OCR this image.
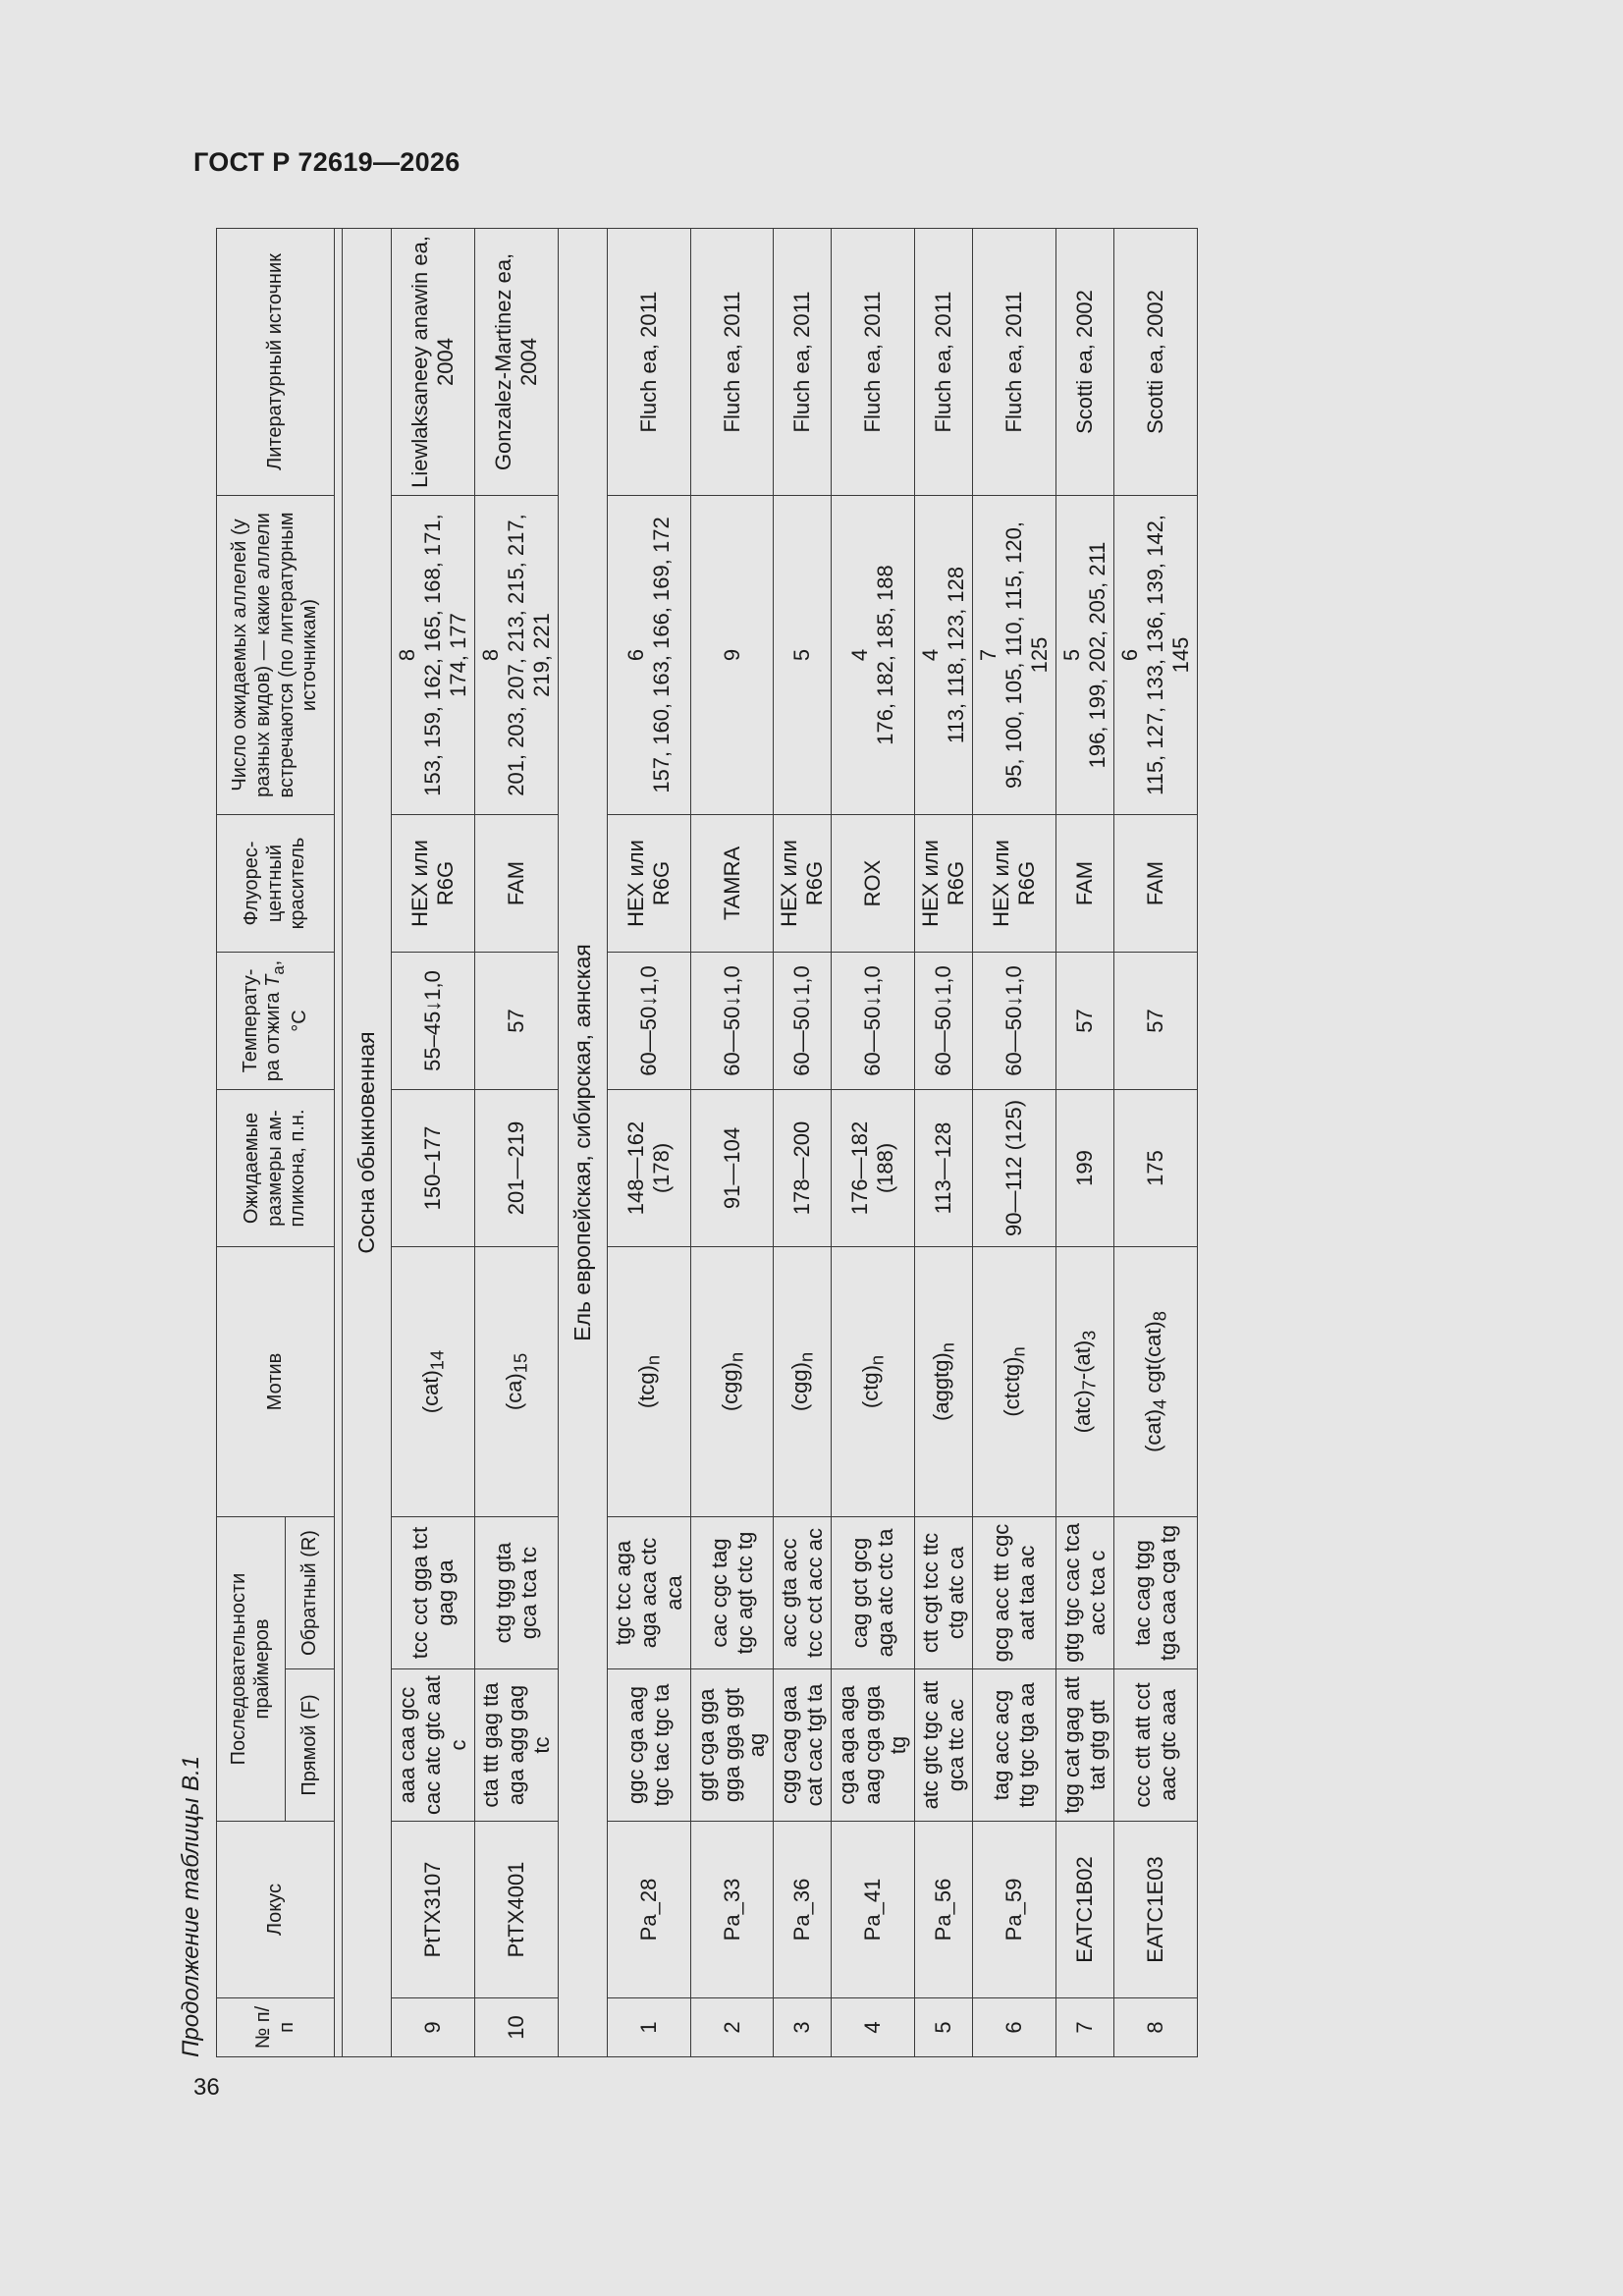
ГОСТ Р 72619—2026
Продолжение таблицы В.1	№ п/п	Локус	Последовательности праймеров		Мотив	Ожидаемые размеры ам-пликона, п.н.	Температу-ра отжига $T_a$, °C	Флуорес-центный краситель	Число ожидаемых аллелей (у разных видов) — какие аллели встречаются (по литературным источникам)	Литературный источник
		Прямой (F)	Обратный (R)						

Сосна обыкновенная									
9	PtTX3107	aaa caa gcc cac atc gtc aat c	tcc cct gga tct gag ga	$(cat)_{14}$	150–177	55–45↓1,0	HEX или R6G	8 153, 159, 162, 165, 168, 171, 174, 177	Liewlaksaneey anawin ea, 2004
10	PtTX4001	cta ttt gag tta aga agg gag tc	ctg tgg gta gca tca tc	$(ca)_{15}$	201—219	57	FAM	8 201, 203, 207, 213, 215, 217, 219, 221	Gonzalez-Martinez ea, 2004
Ель европейская, сибирская, аянская									
1	Pa_28	ggc cga aag tgc tac tgc ta	tgc tcc aga aga aca ctc aca	$(tcg)_n$	148—162 (178)	60—50↓1,0	HEX или R6G	6 157, 160, 163, 166, 169, 172	Fluch ea, 2011
2	Pa_33	ggt cga gga gga gga ggt ag	cac cgc tag tgc agt ctc tg	$(cgg)_n$	91—104	60—50↓1,0	TAMRA	9	Fluch ea, 2011
3	Pa_36	cgg cag gaa cat cac tgt ta	acc gta acc tcc cct acc ac	$(cgg)_n$	178—200	60—50↓1,0	HEX или R6G	5	Fluch ea, 2011
4	Pa_41	cga aga aga aag cga gga tg	cag gct gcg aga atc ctc ta	$(ctg)_n$	176—182 (188)	60—50↓1,0	ROX	4 176, 182, 185, 188	Fluch ea, 2011
5	Pa_56	atc gtc tgc att gca ttc ac	ctt cgt tcc ttc ctg atc ca	$(aggtg)_n$	113—128	60—50↓1,0	HEX или R6G	4 113, 118, 123, 128	Fluch ea, 2011
6	Pa_59	tag acc acg ttg tgc tga aa	gcg acc ttt cgc aat taa ac	$(ctctg)_n$	90—112 (125)	60—50↓1,0	HEX или R6G	7 95, 100, 105, 110, 115, 120, 125	Fluch ea, 2011
7	EATC1B02	tgg cat gag att tat gtg gtt	gtg tgc cac tca acc tca c	$(atc)_7-(at)_3$	199	57	FAM	5 196, 199, 202, 205, 211	Scotti ea, 2002
8	EATC1E03	ccc ctt att cct aac gtc aaa	tac cag tgg tga caa cga tg	$(cat)_4$ $cgt(cat)_8$	175	57	FAM	6 115, 127, 133, 136, 139, 142, 145	Scotti ea, 2002
36
